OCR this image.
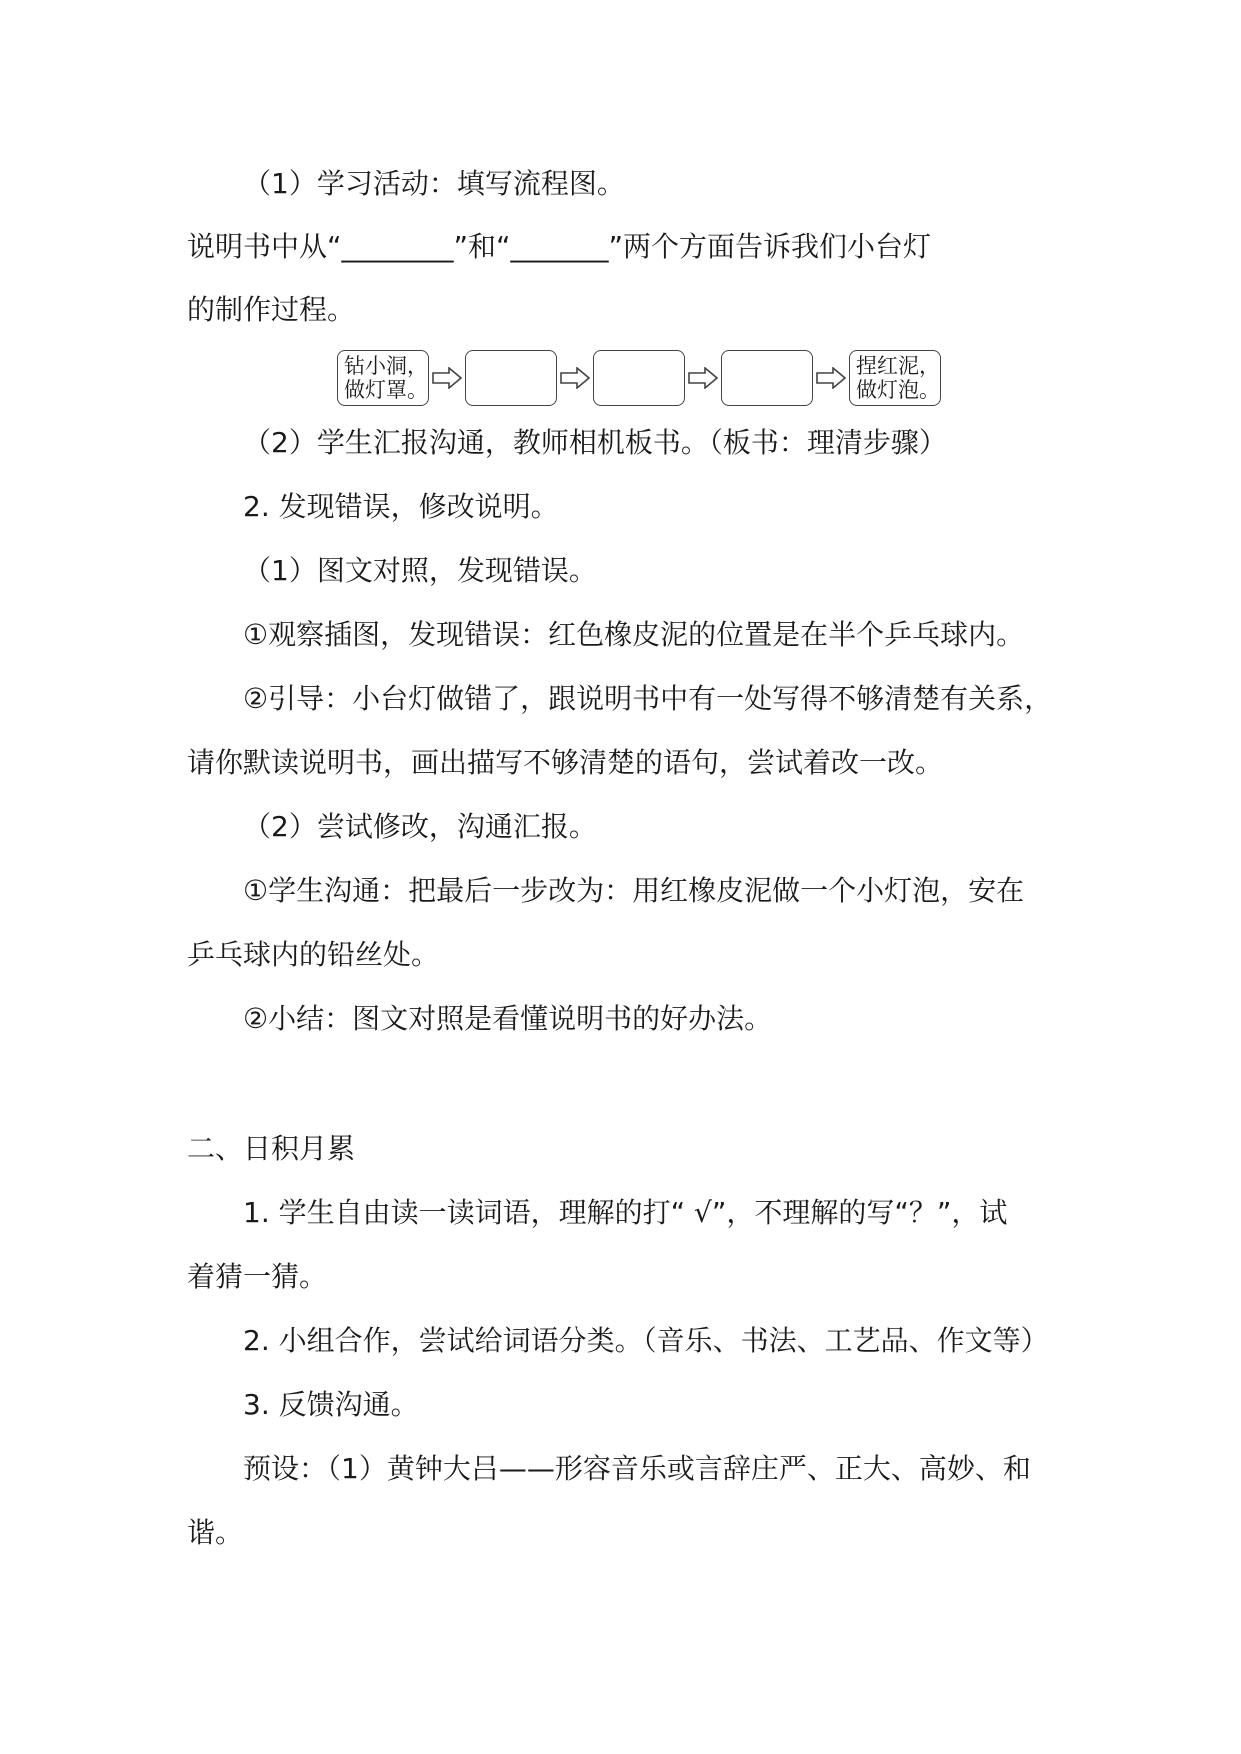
（1）学习活动：填写流程图。
说明书中从“________”和“_______”两个方面告诉我们小台灯
的制作过程。
钻小洞，
做灯罩。
捏红泥，
做灯泡。
（2）学生汇报沟通，教师相机板书。（板书：理清步骤）
2. 发现错误，修改说明。
（1）图文对照，发现错误。
①观察插图，发现错误：红色橡皮泥的位置是在半个乒乓球内。
②引导：小台灯做错了，跟说明书中有一处写得不够清楚有关系，
请你默读说明书，画出描写不够清楚的语句，尝试着改一改。
（2）尝试修改，沟通汇报。
①学生沟通：把最后一步改为：用红橡皮泥做一个小灯泡，安在
乒乓球内的铅丝处。
②小结：图文对照是看懂说明书的好办法。
二、日积月累
1. 学生自由读一读词语，理解的打“ √”，不理解的写“？”，试
着猜一猜。
2. 小组合作，尝试给词语分类。（音乐、书法、工艺品、作文等）
3. 反馈沟通。
预设：（1）黄钟大吕——形容音乐或言辞庄严、正大、高妙、和
谐。
